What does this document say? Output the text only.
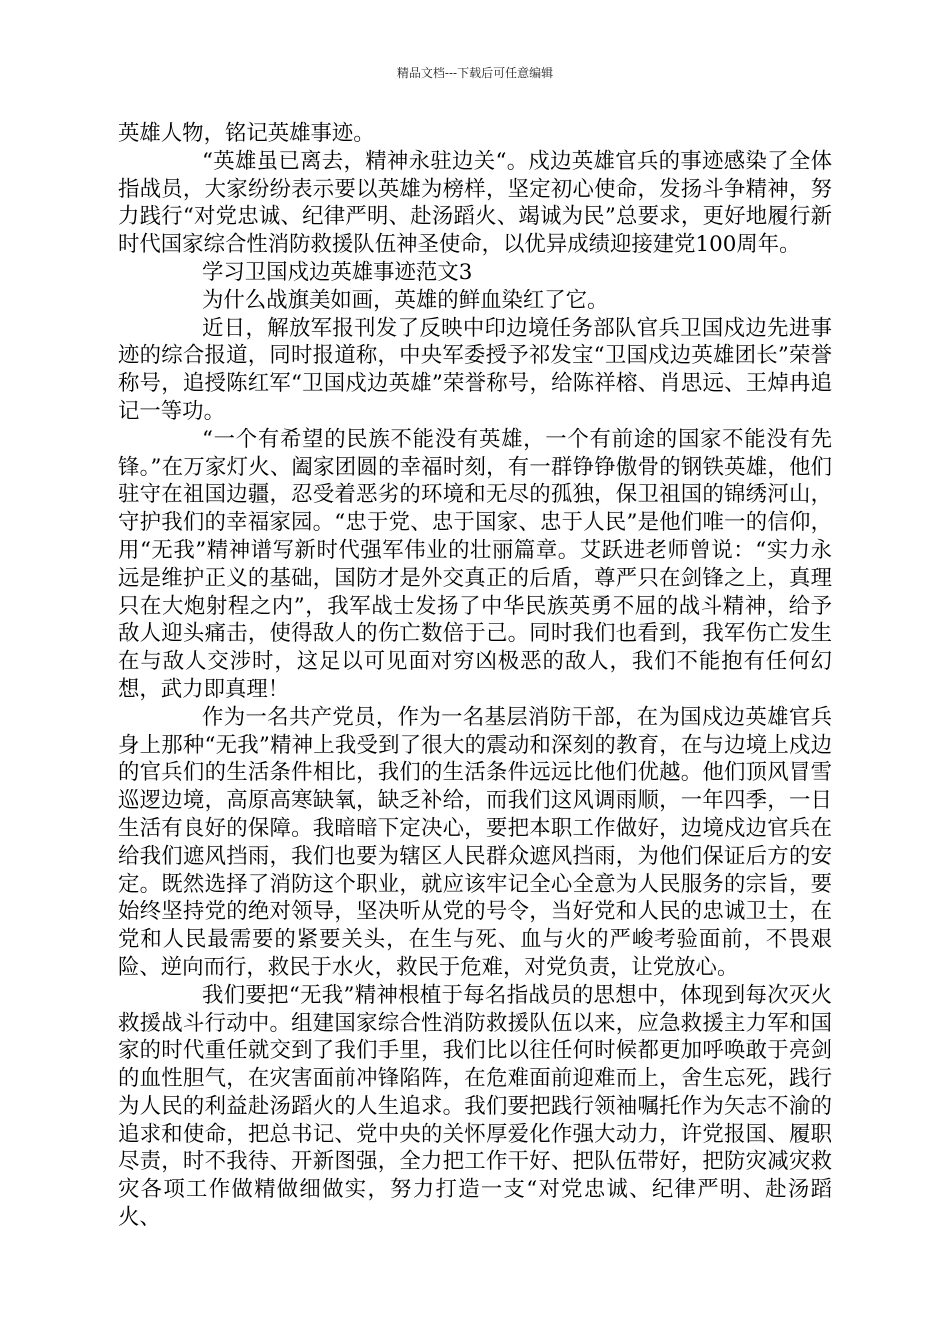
精品文档---下载后可任意编辑

英雄人物，铭记英雄事迹。

“英雄虽已离去，精神永驻边关“。戍边英雄官兵的事迹感染了全体指战员，大家纷纷表示要以英雄为榜样，坚定初心使命，发扬斗争精神，努力践行“对党忠诚、纪律严明、赴汤蹈火、竭诚为民”总要求，更好地履行新时代国家综合性消防救援队伍神圣使命，以优异成绩迎接建党100周年。

学习卫国戍边英雄事迹范文3

为什么战旗美如画，英雄的鲜血染红了它。

近日，解放军报刊发了反映中印边境任务部队官兵卫国戍边先进事迹的综合报道，同时报道称，中央军委授予祁发宝“卫国戍边英雄团长”荣誉称号，追授陈红军“卫国戍边英雄”荣誉称号，给陈祥榕、肖思远、王焯冉追记一等功。

“一个有希望的民族不能没有英雄，一个有前途的国家不能没有先锋。”在万家灯火、阖家团圆的幸福时刻，有一群铮铮傲骨的钢铁英雄，他们驻守在祖国边疆，忍受着恶劣的环境和无尽的孤独，保卫祖国的锦绣河山，守护我们的幸福家园。“忠于党、忠于国家、忠于人民”是他们唯一的信仰，用“无我”精神谱写新时代强军伟业的壮丽篇章。艾跃进老师曾说：“实力永远是维护正义的基础，国防才是外交真正的后盾，尊严只在剑锋之上，真理只在大炮射程之内”，我军战士发扬了中华民族英勇不屈的战斗精神，给予敌人迎头痛击，使得敌人的伤亡数倍于己。同时我们也看到，我军伤亡发生在与敌人交涉时，这足以可见面对穷凶极恶的敌人，我们不能抱有任何幻想，武力即真理！

作为一名共产党员，作为一名基层消防干部，在为国戍边英雄官兵身上那种“无我”精神上我受到了很大的震动和深刻的教育，在与边境上戍边的官兵们的生活条件相比，我们的生活条件远远比他们优越。他们顶风冒雪巡逻边境，高原高寒缺氧，缺乏补给，而我们这风调雨顺，一年四季，一日生活有良好的保障。我暗暗下定决心，要把本职工作做好，边境戍边官兵在给我们遮风挡雨，我们也要为辖区人民群众遮风挡雨，为他们保证后方的安定。既然选择了消防这个职业，就应该牢记全心全意为人民服务的宗旨，要始终坚持党的绝对领导，坚决听从党的号令，当好党和人民的忠诚卫士，在党和人民最需要的紧要关头，在生与死、血与火的严峻考验面前，不畏艰险、逆向而行，救民于水火，救民于危难，对党负责，让党放心。

我们要把“无我”精神根植于每名指战员的思想中，体现到每次灭火救援战斗行动中。组建国家综合性消防救援队伍以来，应急救援主力军和国家的时代重任就交到了我们手里，我们比以往任何时候都更加呼唤敢于亮剑的血性胆气，在灾害面前冲锋陷阵，在危难面前迎难而上，舍生忘死，践行为人民的利益赴汤蹈火的人生追求。我们要把践行领袖嘱托作为矢志不渝的追求和使命，把总书记、党中央的关怀厚爱化作强大动力，许党报国、履职尽责，时不我待、开新图强，全力把工作干好、把队伍带好，把防灾减灾救灾各项工作做精做细做实，努力打造一支“对党忠诚、纪律严明、赴汤蹈火、
